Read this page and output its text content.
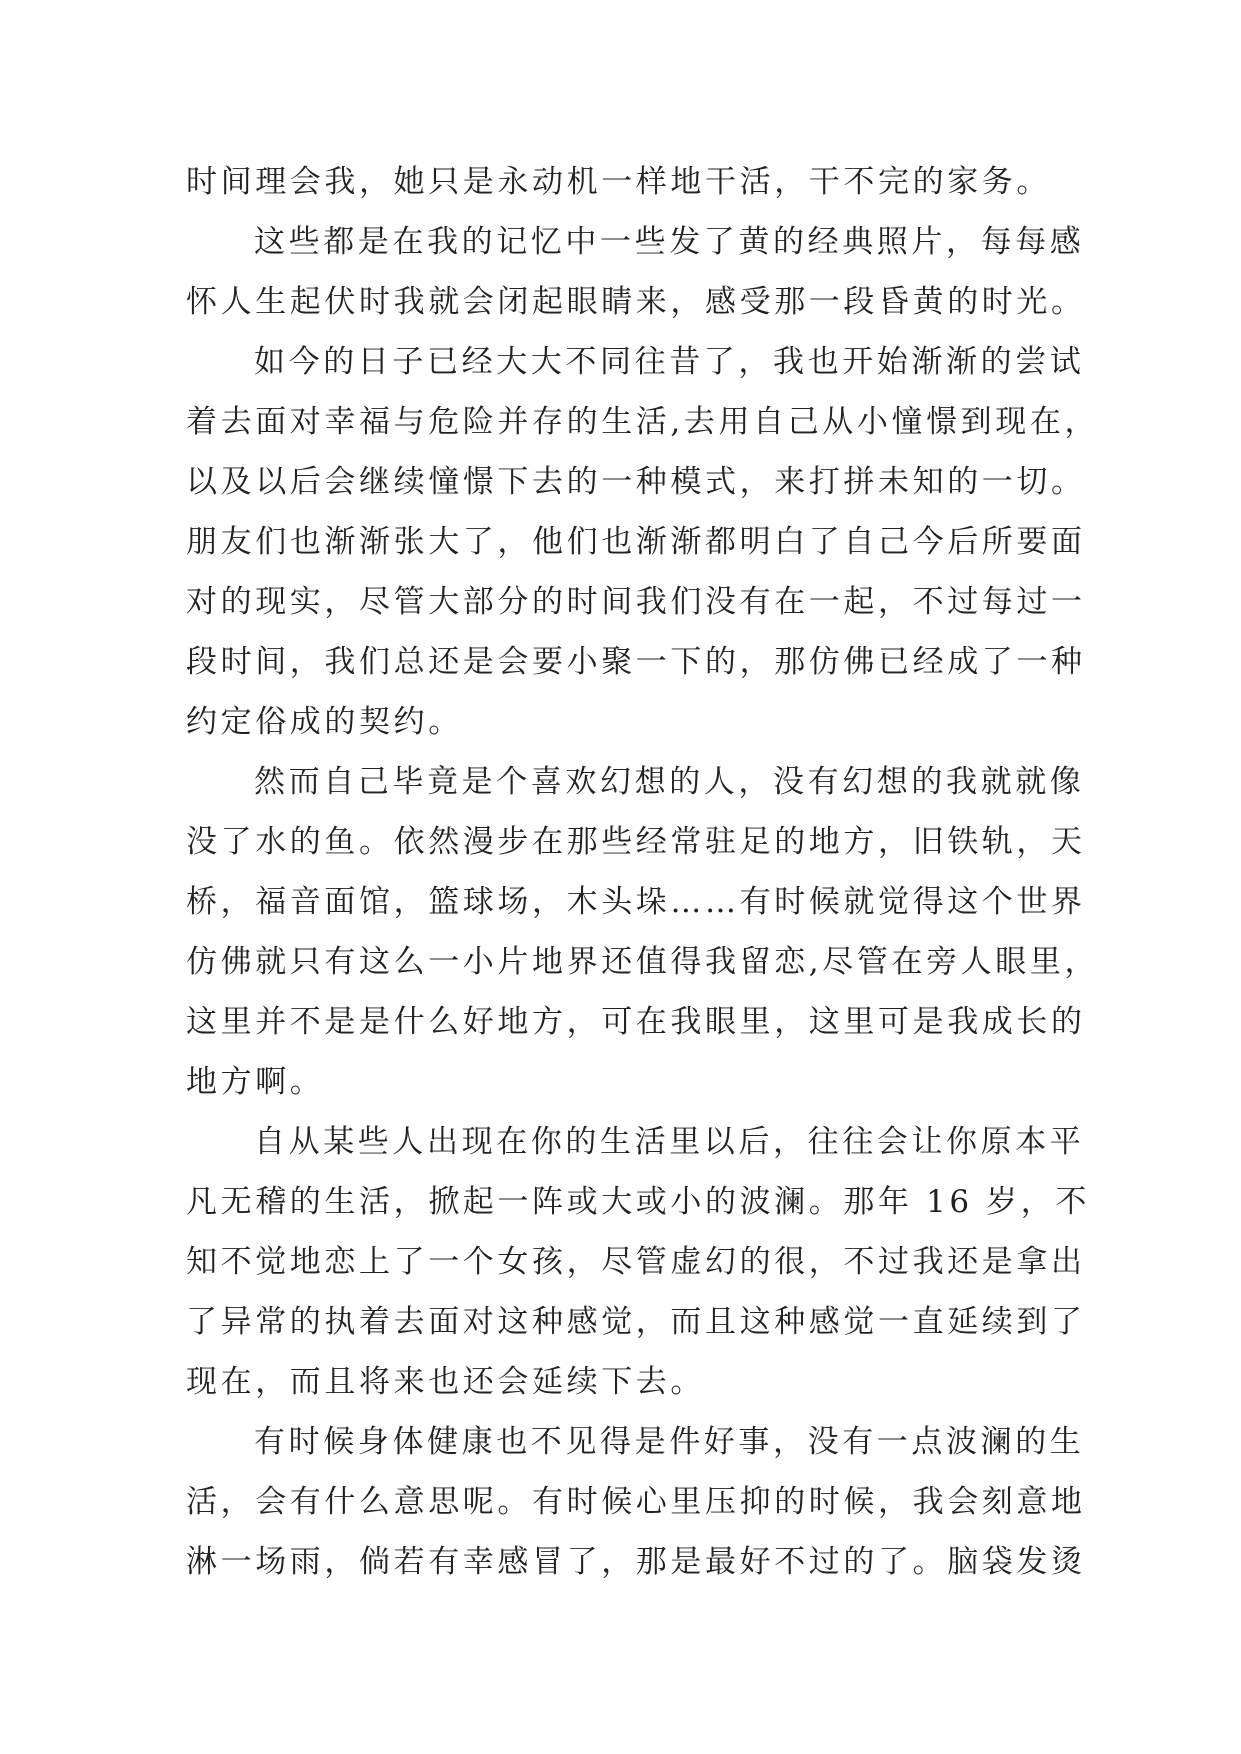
时间理会我，她只是永动机一样地干活，干不完的家务。
这些都是在我的记忆中一些发了黄的经典照片，每每感
怀人生起伏时我就会闭起眼睛来，感受那一段昏黄的时光。
如今的日子已经大大不同往昔了，我也开始渐渐的尝试
着去面对幸福与危险并存的生活,去用自己从小憧憬到现在，
以及以后会继续憧憬下去的一种模式，来打拼未知的一切。
朋友们也渐渐张大了，他们也渐渐都明白了自己今后所要面
对的现实，尽管大部分的时间我们没有在一起，不过每过一
段时间，我们总还是会要小聚一下的，那仿佛已经成了一种
约定俗成的契约。
然而自己毕竟是个喜欢幻想的人，没有幻想的我就就像
没了水的鱼。依然漫步在那些经常驻足的地方，旧铁轨，天
桥，福音面馆，篮球场，木头垛……有时候就觉得这个世界
仿佛就只有这么一小片地界还值得我留恋,尽管在旁人眼里，
这里并不是是什么好地方，可在我眼里，这里可是我成长的
地方啊。
自从某些人出现在你的生活里以后，往往会让你原本平
凡无稽的生活，掀起一阵或大或小的波澜。那年 16 岁，不
知不觉地恋上了一个女孩，尽管虚幻的很，不过我还是拿出
了异常的执着去面对这种感觉，而且这种感觉一直延续到了
现在，而且将来也还会延续下去。
有时候身体健康也不见得是件好事，没有一点波澜的生
活，会有什么意思呢。有时候心里压抑的时候，我会刻意地
淋一场雨，倘若有幸感冒了，那是最好不过的了。脑袋发烫
